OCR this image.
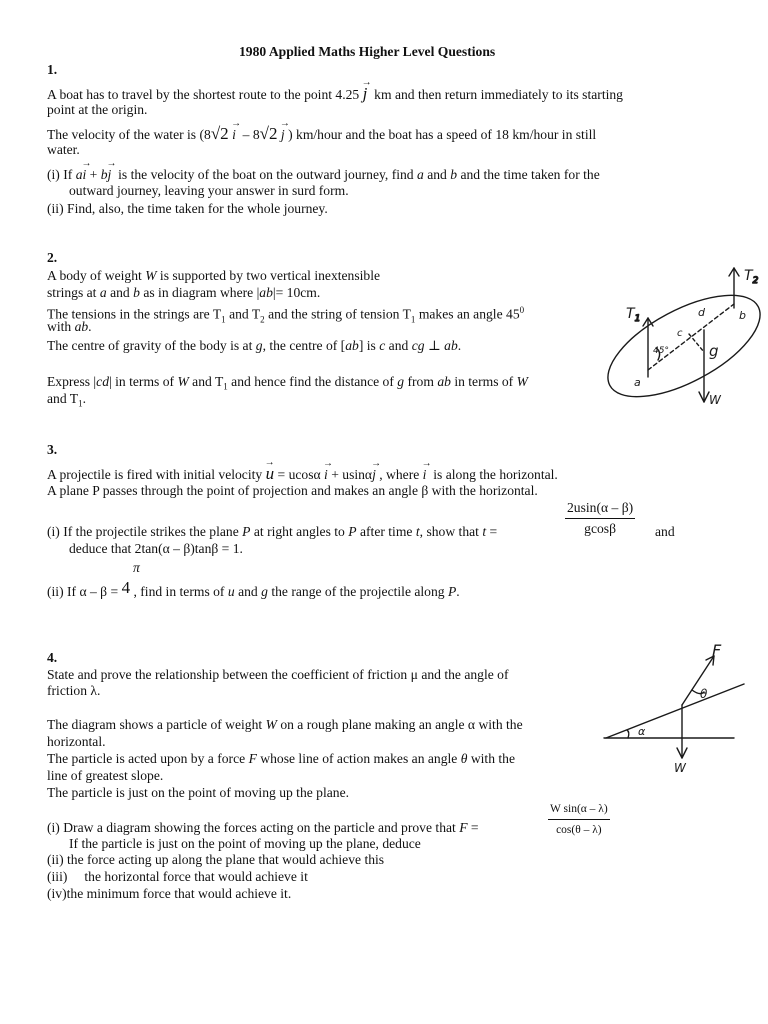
1980 Applied Maths Higher Level Questions
1.
A boat has to travel by the shortest route to the point 4.25 → j km and then return immediately to its starting
point at the origin.
The velocity of the water is (8√2 → i – 8√2 → j ) km/hour and the boat has a speed of 18 km/hour in still
water.
(i) If a→ i + b→ j is the velocity of the boat on the outward journey, find a and b and the time taken for the
outward journey, leaving your answer in surd form.
(ii) Find, also, the time taken for the whole journey.
2.
A body of weight W is supported by two vertical inextensible
strings at a and b as in diagram where |ab|= 10cm.
The tensions in the strings are $T_1$ and $T_2$ and the string of tension $T_1$ makes an angle $45^0$
with ab.
The centre of gravity of the body is at g, the centre of [ab] is c and cg ⊥ ab.
Express |cd| in terms of W and $T_1$ and hence find the distance of g from ab in terms of W
and $T_1$.
$T_1$
$T_2$
45°
a
b
c
d
g
W
3.
A projectile is fired with initial velocity → u = ucosα → i + usinα→ j , where → i is along the horizontal.
A plane P passes through the point of projection and makes an angle β with the horizontal.
(i) If the projectile strikes the plane P at right angles to P after time t, show that t =	$\frac{2usin(\alpha - \beta)}{gcos\beta}$ and
deduce that 2tan(α – β)tanβ = 1.
π
(ii) If α – β = 4 , find in terms of u and g the range of the projectile along P.
4.
State and prove the relationship between the coefficient of friction μ and the angle of
friction λ.
The diagram shows a particle of weight W on a rough plane making an angle α with the
horizontal.
The particle is acted upon by a force F whose line of action makes an angle θ with the
line of greatest slope.
The particle is just on the point of moving up the plane.
(i) Draw a diagram showing the forces acting on the particle and prove that F =	$\frac{\text{W sin(α – λ)}}{\cos(\theta - \lambda)}$
If the particle is just on the point of moving up the plane, deduce
(ii) the force acting up along the plane that would achieve this
(iii) the horizontal force that would achieve it
(iv)the minimum force that would achieve it.
F
θ
α
W
